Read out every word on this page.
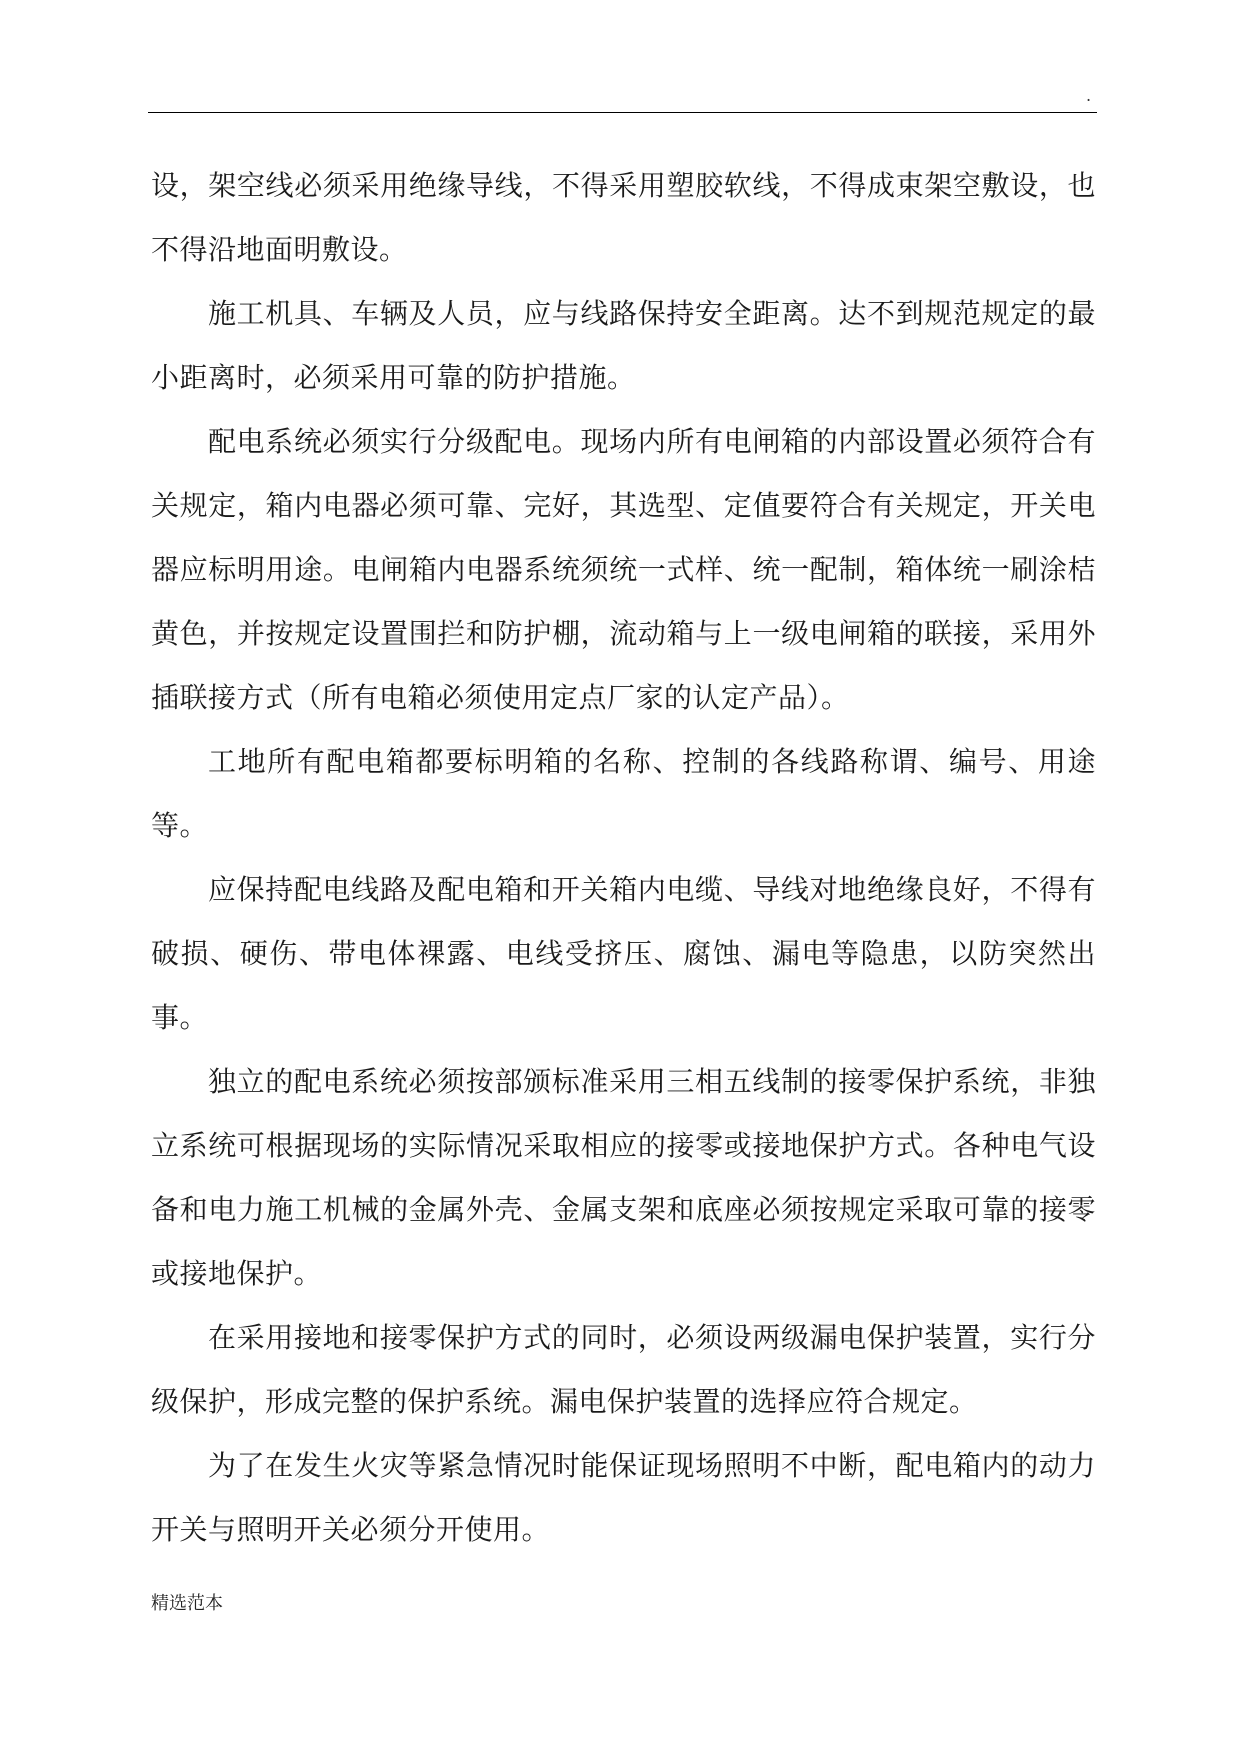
.

设，架空线必须采用绝缘导线，不得采用塑胶软线，不得成束架空敷设，也不得沿地面明敷设。

施工机具、车辆及人员，应与线路保持安全距离。达不到规范规定的最小距离时，必须采用可靠的防护措施。

配电系统必须实行分级配电。现场内所有电闸箱的内部设置必须符合有关规定，箱内电器必须可靠、完好，其选型、定值要符合有关规定，开关电器应标明用途。电闸箱内电器系统须统一式样、统一配制，箱体统一刷涂桔黄色，并按规定设置围拦和防护棚，流动箱与上一级电闸箱的联接，采用外插联接方式（所有电箱必须使用定点厂家的认定产品）。

工地所有配电箱都要标明箱的名称、控制的各线路称谓、编号、用途等。

应保持配电线路及配电箱和开关箱内电缆、导线对地绝缘良好，不得有破损、硬伤、带电体裸露、电线受挤压、腐蚀、漏电等隐患，以防突然出事。

独立的配电系统必须按部颁标准采用三相五线制的接零保护系统，非独立系统可根据现场的实际情况采取相应的接零或接地保护方式。各种电气设备和电力施工机械的金属外壳、金属支架和底座必须按规定采取可靠的接零或接地保护。

在采用接地和接零保护方式的同时，必须设两级漏电保护装置，实行分级保护，形成完整的保护系统。漏电保护装置的选择应符合规定。

为了在发生火灾等紧急情况时能保证现场照明不中断，配电箱内的动力开关与照明开关必须分开使用。

精选范本
